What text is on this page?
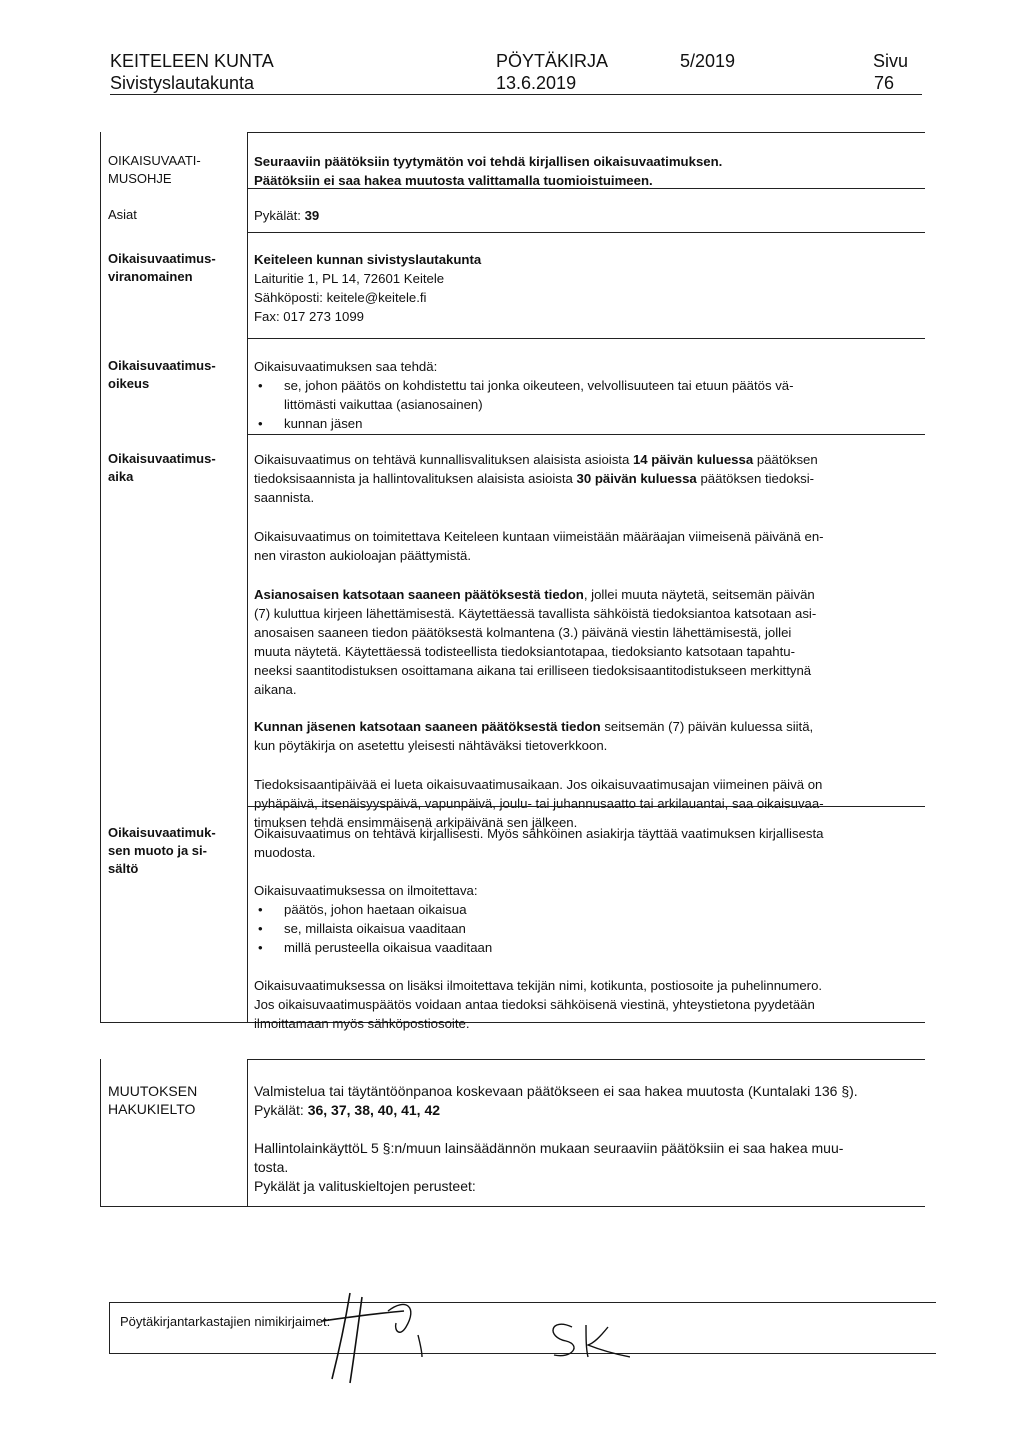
KEITELEEN KUNTA
Sivistyslautakunta
PÖYTÄKIRJA
13.6.2019
5/2019	Sivu
76
OIKAISUVAATI-
MUSOHJE
Seuraaviin päätöksiin tyytymätön voi tehdä kirjallisen oikaisuvaatimuksen.
Päätöksiin ei saa hakea muutosta valittamalla tuomioistuimeen.
Asiat	Pykälät: 39
Oikaisuvaatimus-
viranomainen
Keiteleen kunnan sivistyslautakunta
Laituritie 1, PL 14, 72601 Keitele
Sähköposti: keitele@keitele.fi
Fax: 017 273 1099
Oikaisuvaatimus-
oikeus
Oikaisuvaatimuksen saa tehdä:
• se, johon päätös on kohdistettu tai jonka oikeuteen, velvollisuuteen tai etuun päätös vä-
littömästi vaikuttaa (asianosainen)
• kunnan jäsen
Oikaisuvaatimus-
aika

Oikaisuvaatimus on tehtävä kunnallisvalituksen alaisista asioista 14 päivän kuluessa päätöksen
tiedoksisaannista ja hallintovalituksen alaisista asioista 30 päivän kuluessa päätöksen tiedoksi-
saannista.

Oikaisuvaatimus on toimitettava Keiteleen kuntaan viimeistään määräajan viimeisenä päivänä en-
nen viraston aukioloajan päättymistä.

Asianosaisen katsotaan saaneen päätöksestä tiedon, jollei muuta näytetä, seitsemän päivän
(7) kuluttua kirjeen lähettämisestä. Käytettäessä tavallista sähköistä tiedoksiantoa katsotaan asi-
anosaisen saaneen tiedon päätöksestä kolmantena (3.) päivänä viestin lähettämisestä, jollei
muuta näytetä. Käytettäessä todisteellista tiedoksiantotapaa, tiedoksianto katsotaan tapahtu-
neeksi saantitodistuksen osoittamana aikana tai erilliseen tiedoksisaantitodistukseen merkittynä
aikana.

Kunnan jäsenen katsotaan saaneen päätöksestä tiedon seitsemän (7) päivän kuluessa siitä,
kun pöytäkirja on asetettu yleisesti nähtäväksi tietoverkkoon.

Tiedoksisaantipäivää ei lueta oikaisuvaatimusaikaan. Jos oikaisuvaatimusajan viimeinen päivä on
pyhäpäivä, itsenäisyyspäivä, vapunpäivä, joulu- tai juhannusaatto tai arkilauantai, saa oikaisuvaa-
timuksen tehdä ensimmäisenä arkipäivänä sen jälkeen.

Oikaisuvaatimuk-
sen muoto ja si-
sältö

Oikaisuvaatimus on tehtävä kirjallisesti. Myös sähköinen asiakirja täyttää vaatimuksen kirjallisesta
muodosta.

Oikaisuvaatimuksessa on ilmoitettava:

• päätös, johon haetaan oikaisua
• se, millaista oikaisua vaaditaan
• millä perusteella oikaisua vaaditaan

Oikaisuvaatimuksessa on lisäksi ilmoitettava tekijän nimi, kotikunta, postiosoite ja puhelinnumero.
Jos oikaisuvaatimuspäätös voidaan antaa tiedoksi sähköisenä viestinä, yhteystietona pyydetään
ilmoittamaan myös sähköpostiosoite.

MUUTOKSEN
HAKUKIELTO
Valmistelua tai täytäntöönpanoa koskevaan päätökseen ei saa hakea muutosta (Kuntalaki 136 §).
Pykälät: 36, 37, 38, 40, 41, 42
HallintolainkäyttöL 5 §:n/muun lainsäädännön mukaan seuraaviin päätöksiin ei saa hakea muu-
tosta.
Pykälät ja valituskieltojen perusteet:
Pöytäkirjantarkastajien nimikirjaimet:
